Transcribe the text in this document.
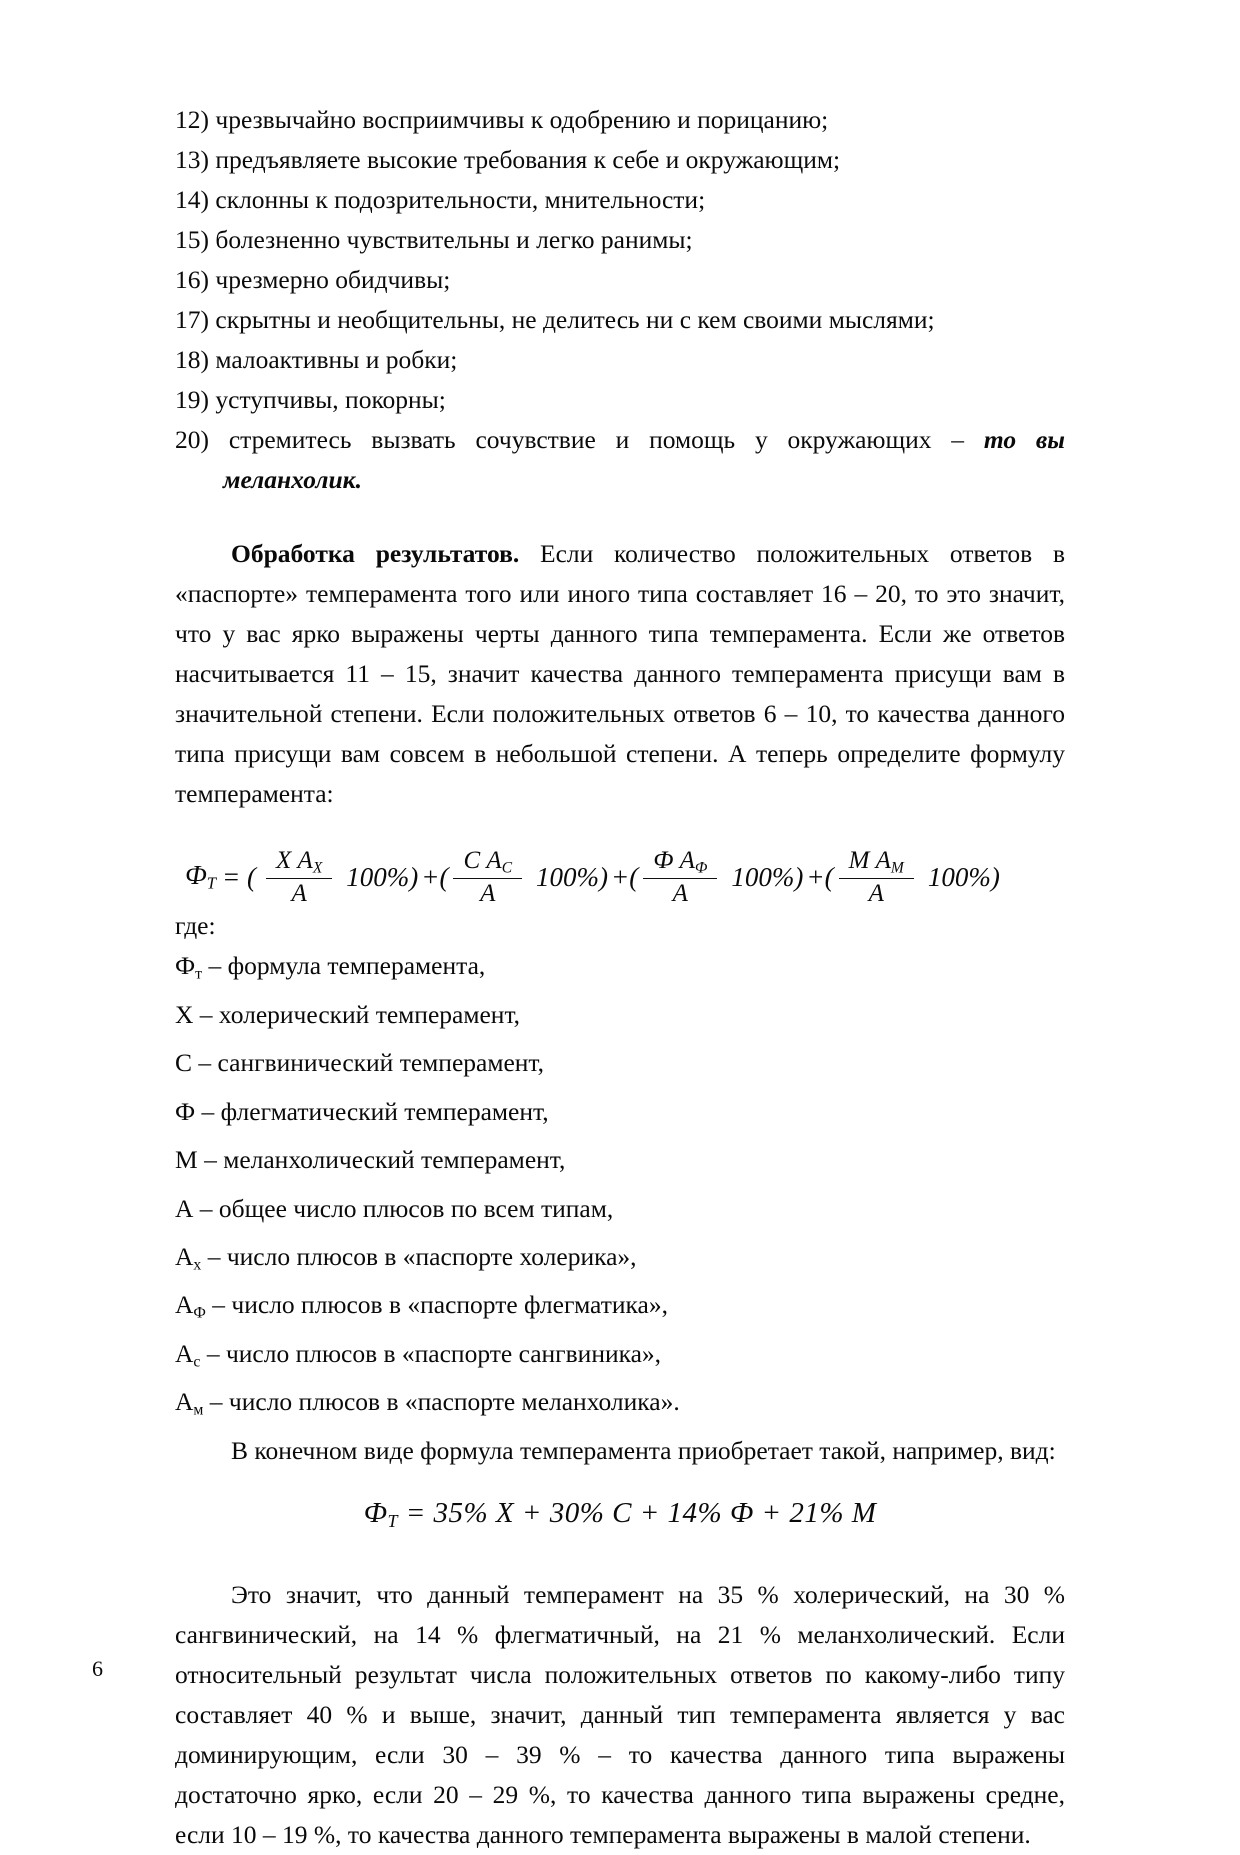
12) чрезвычайно восприимчивы к одобрению и порицанию;
13) предъявляете высокие требования к себе и окружающим;
14) склонны к подозрительности, мнительности;
15) болезненно чувствительны и легко ранимы;
16) чрезмерно обидчивы;
17) скрытны и необщительны, не делитесь ни с кем своими мыслями;
18) малоактивны и робки;
19) уступчивы, покорны;
20) стремитесь вызвать сочувствие и помощь у окружающих – то вы
меланхолик.

Обработка результатов. Если количество положительных ответов в «паспорте» темперамента того или иного типа составляет 16 – 20, то это значит, что у вас ярко выражены черты данного типа темперамента. Если же ответов насчитывается 11 – 15, значит качества данного темперамента присущи вам в значительной степени. Если положительных ответов 6 – 10, то качества данного типа присущи вам совсем в небольшой степени. А теперь определите формулу темперамента:

$Ф_Т$ = ( $\frac{X A_X}{A} 100\%$) +( $\frac{C A_C}{A} 100\%$) +( $\frac{Ф A_Ф}{A} 100\%$) +( $\frac{M A_М}{A} 100\%$)
где:
$Ф_т$ – формула темперамента,
Х – холерический темперамент,
С – сангвинический темперамент,
Ф – флегматический темперамент,
М – меланхолический темперамент,
А – общее число плюсов по всем типам,
$А_х$ – число плюсов в «паспорте холерика»,
$А_Ф$ – число плюсов в «паспорте флегматика»,
$А_с$ – число плюсов в «паспорте сангвиника»,
$А_м$ – число плюсов в «паспорте меланхолика».

В конечном виде формула темперамента приобретает такой, например, вид:

$Ф_Т = 35\%$ Х + 30% С + 14% Ф + 21% М

Это значит, что данный темперамент на 35 % холерический, на 30 % сангвинический, на 14 % флегматичный, на 21 % меланхолический. Если относительный результат числа положительных ответов по какому-либо типу составляет 40 % и выше, значит, данный тип темперамента является у вас доминирующим, если 30 – 39 % – то качества данного типа выражены достаточно ярко, если 20 – 29 %, то качества данного типа выражены средне, если 10 – 19 %, то качества данного темперамента выражены в малой степени.

6
